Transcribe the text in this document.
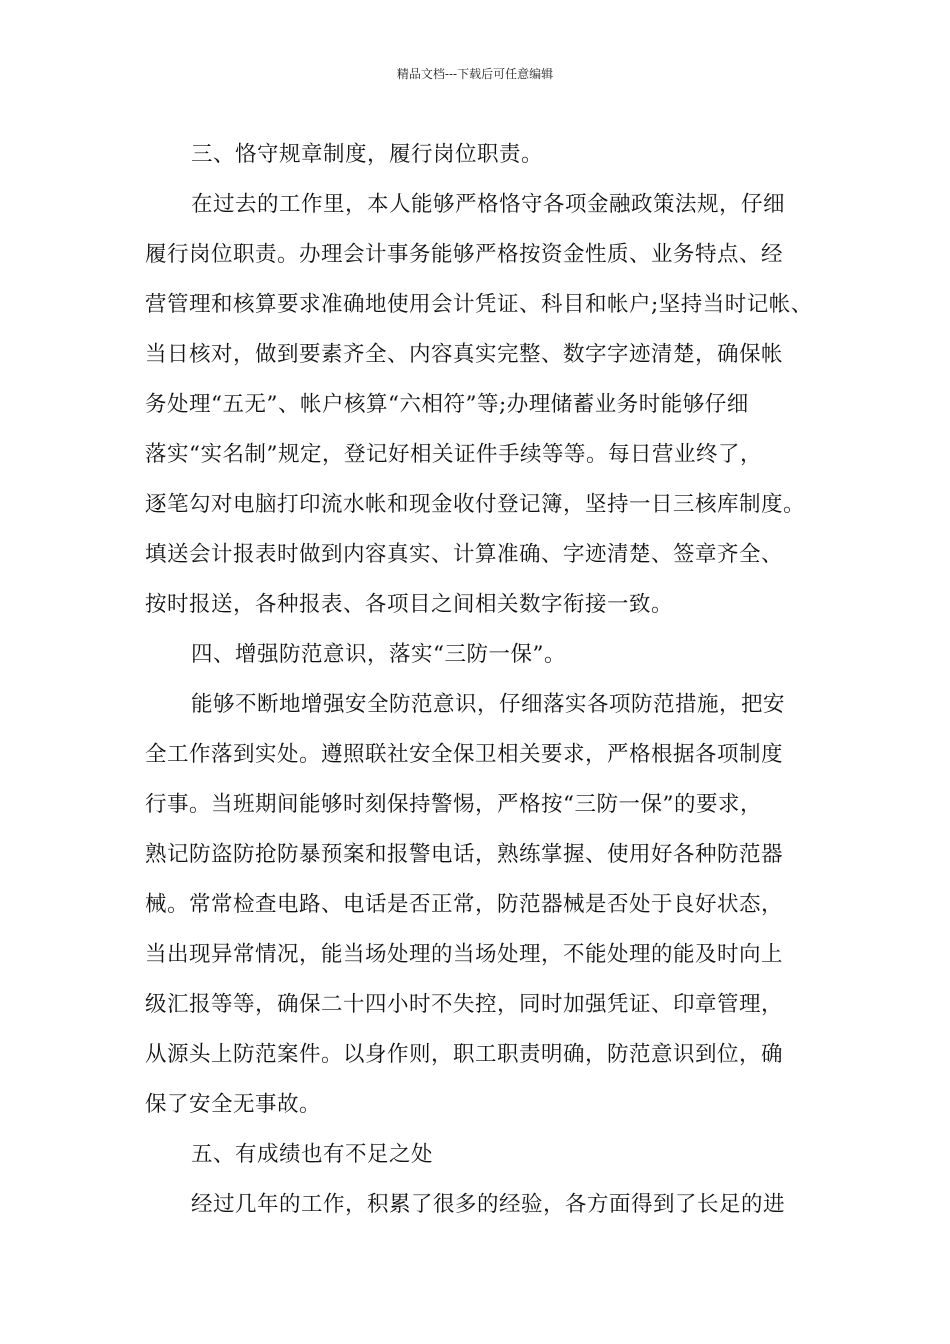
精品文档---下载后可任意编辑
三、恪守规章制度，履行岗位职责。
在过去的工作里，本人能够严格恪守各项金融政策法规，仔细
履行岗位职责。办理会计事务能够严格按资金性质、业务特点、经
营管理和核算要求准确地使用会计凭证、科目和帐户;坚持当时记帐、
当日核对，做到要素齐全、内容真实完整、数字字迹清楚，确保帐
务处理“五无”、帐户核算“六相符”等;办理储蓄业务时能够仔细
落实“实名制”规定，登记好相关证件手续等等。每日营业终了，
逐笔勾对电脑打印流水帐和现金收付登记簿，坚持一日三核库制度。
填送会计报表时做到内容真实、计算准确、字迹清楚、签章齐全、
按时报送，各种报表、各项目之间相关数字衔接一致。
四、增强防范意识，落实“三防一保”。
能够不断地增强安全防范意识，仔细落实各项防范措施，把安
全工作落到实处。遵照联社安全保卫相关要求，严格根据各项制度
行事。当班期间能够时刻保持警惕，严格按“三防一保”的要求，
熟记防盗防抢防暴预案和报警电话，熟练掌握、使用好各种防范器
械。常常检查电路、电话是否正常，防范器械是否处于良好状态，
当出现异常情况，能当场处理的当场处理，不能处理的能及时向上
级汇报等等，确保二十四小时不失控，同时加强凭证、印章管理，
从源头上防范案件。以身作则，职工职责明确，防范意识到位，确
保了安全无事故。
五、有成绩也有不足之处
经过几年的工作，积累了很多的经验，各方面得到了长足的进
